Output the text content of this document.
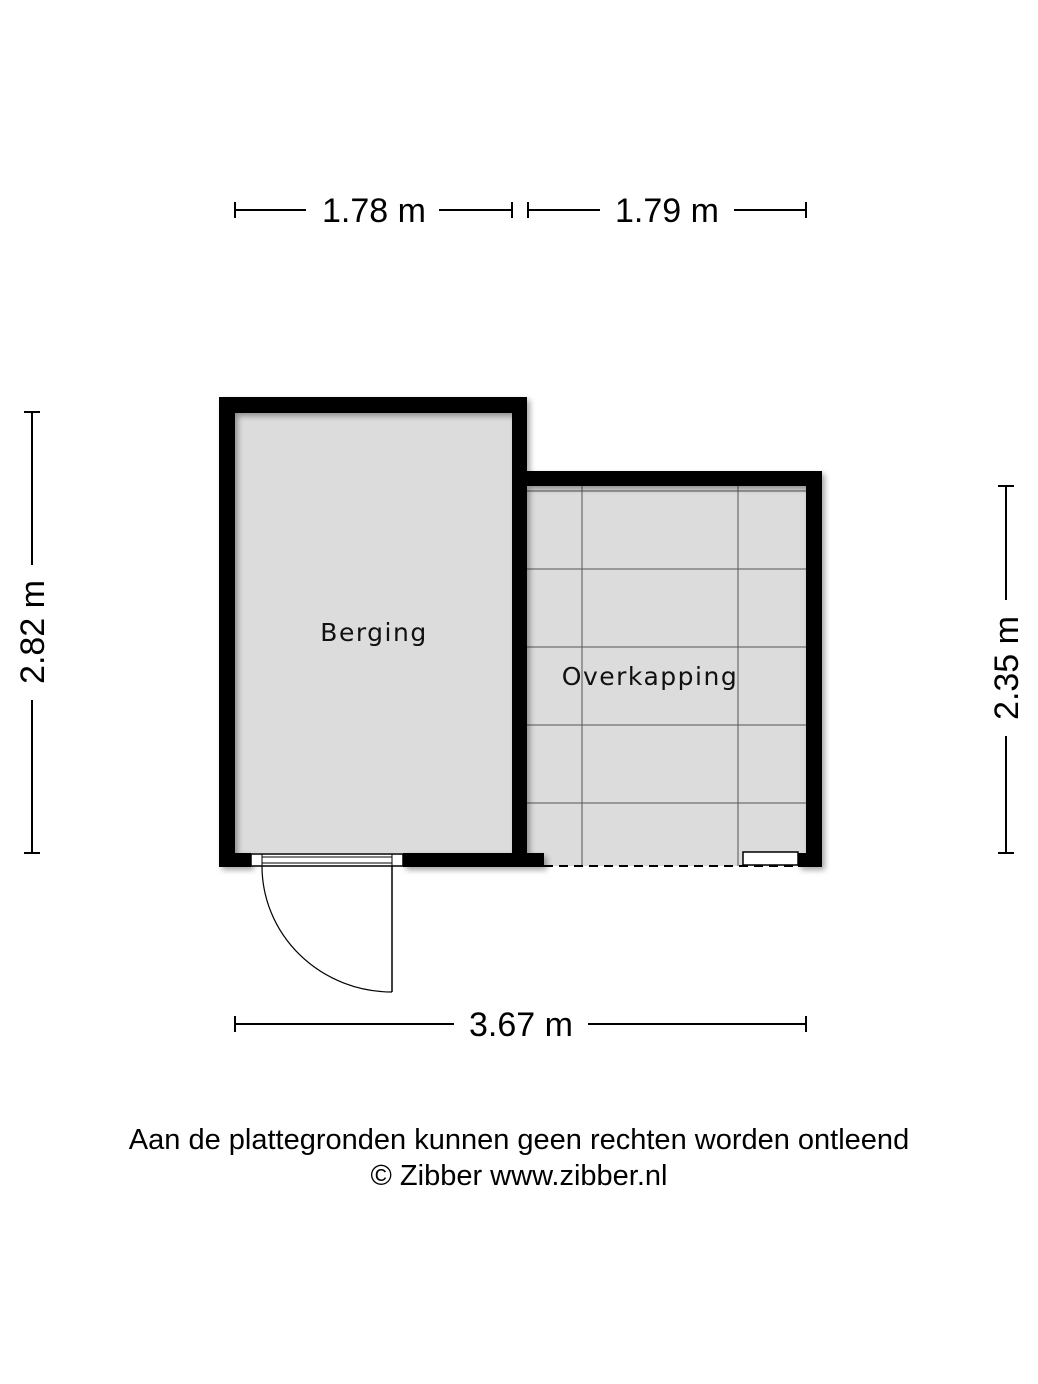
1.78 m	1.79 m
2.82 m	2.35 m
3.67 m
Berging
Overkapping
Aan de plattegronden kunnen geen rechten worden ontleend
© Zibber www.zibber.nl
